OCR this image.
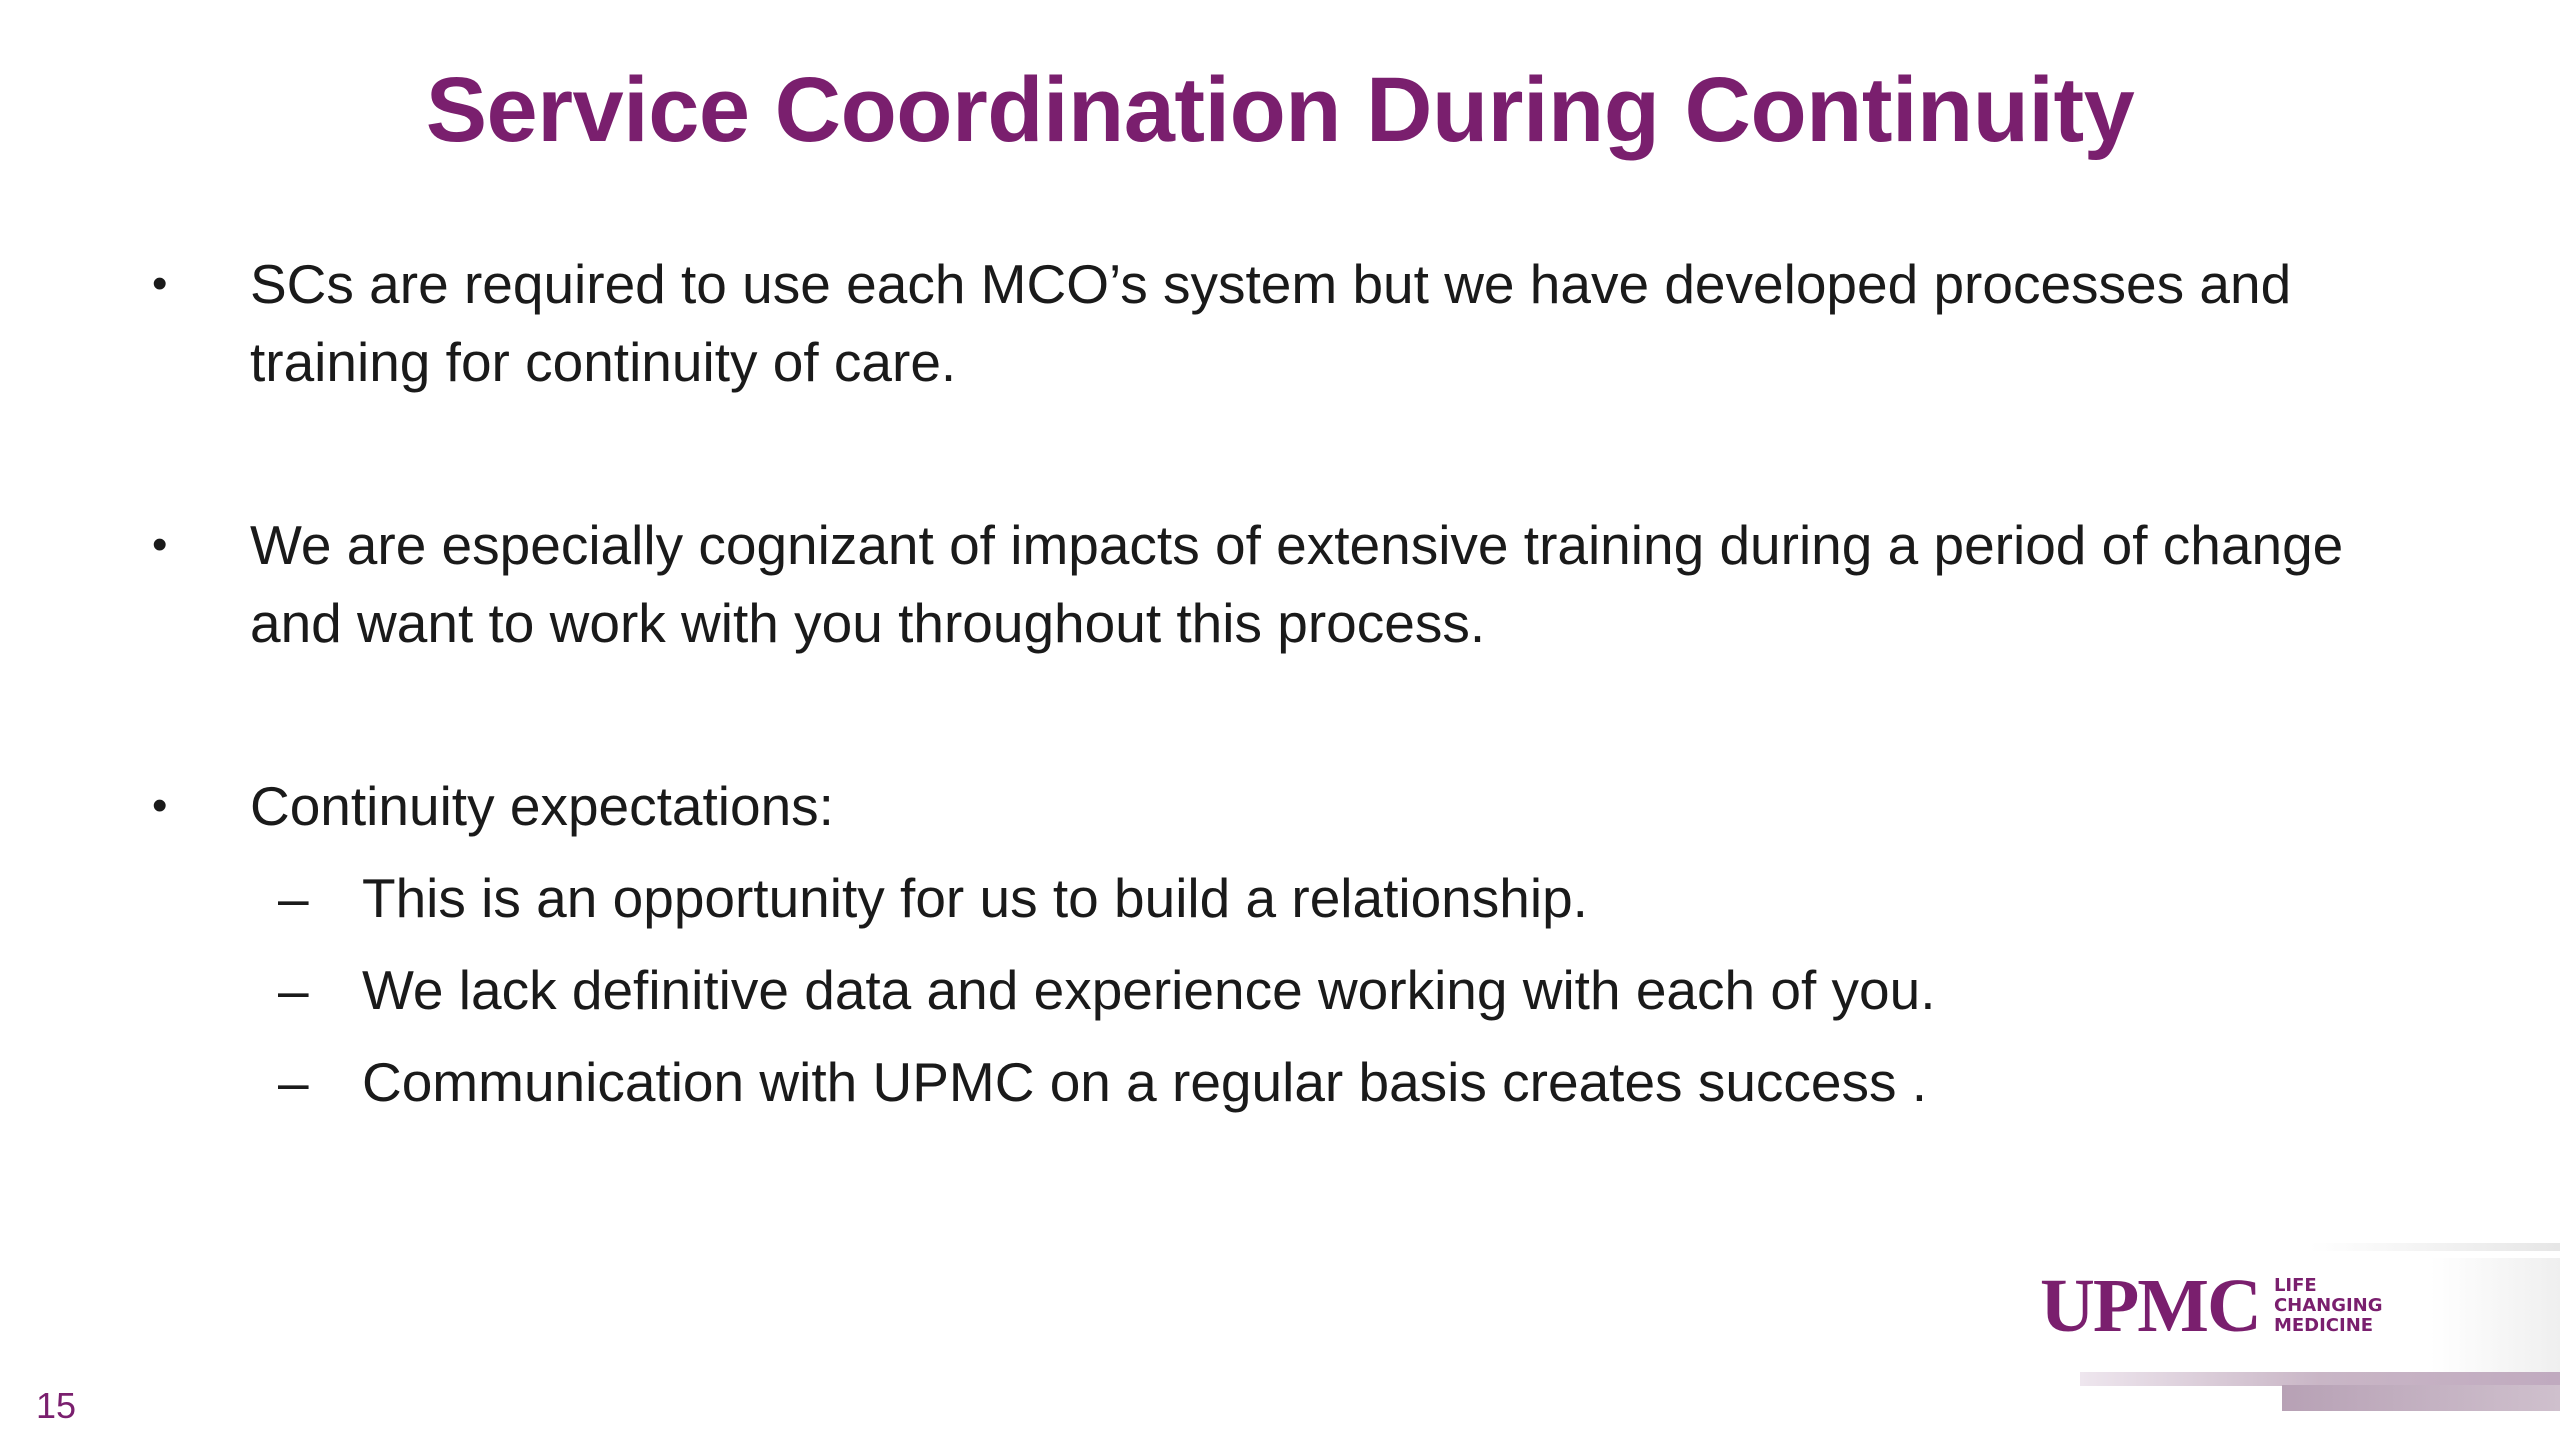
Service Coordination During Continuity
•	SCs are required to use each MCO’s system but we have developed processes and training for continuity of care.
•	We are especially cognizant of impacts of extensive training during a period of change and want to work with you throughout this process.
•	Continuity expectations:
– This is an opportunity for us to build a relationship.
– We lack definitive data and experience working with each of you.
– Communication with UPMC on a regular basis creates success .
UPMC LIFE
CHANGING
MEDICINE
15
